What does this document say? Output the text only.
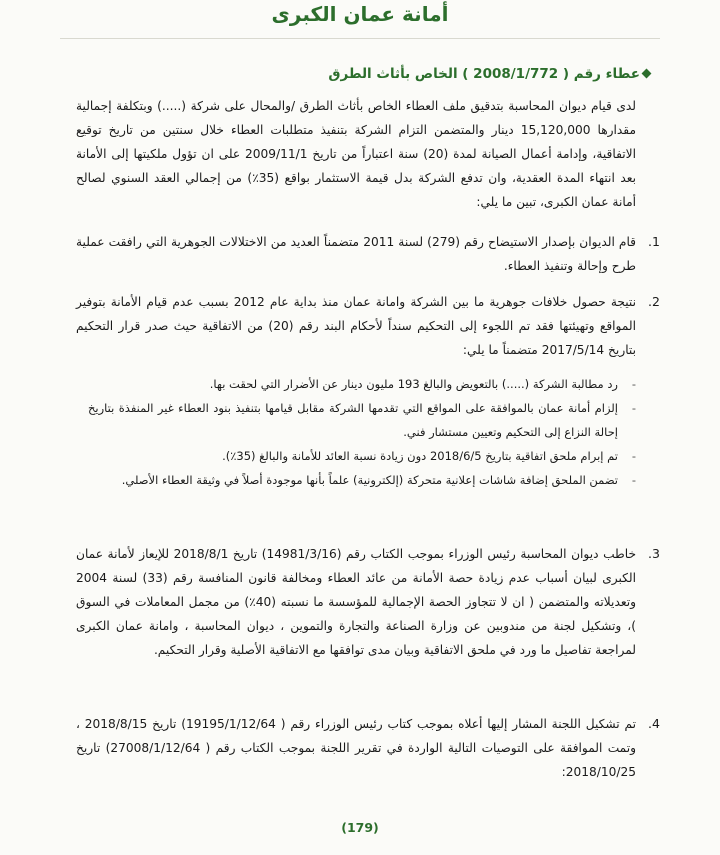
أمانة عمان الكبرى
عطاء رقم ( 2008/1/772 ) الخاص بأثاث الطرق
لدى قيام ديوان المحاسبة بتدقيق ملف العطاء الخاص بأثاث الطرق /والمحال على شركة (.....) وبتكلفة إجمالية مقدارها 15,120,000 دينار والمتضمن التزام الشركة بتنفيذ متطلبات العطاء خلال سنتين من تاريخ توقيع الاتفاقية، وإدامة أعمال الصيانة لمدة (20) سنة اعتباراً من تاريخ 2009/11/1 على ان تؤول ملكيتها إلى الأمانة بعد انتهاء المدة العقدية، وان تدفع الشركة بدل قيمة الاستثمار بواقع (35٪) من إجمالي العقد السنوي لصالح أمانة عمان الكبرى، تبين ما يلي:
1.
قام الديوان بإصدار الاستيضاح رقم (279) لسنة 2011 متضمناً العديد من الاختلالات الجوهرية التي رافقت عملية طرح وإحالة وتنفيذ العطاء.
2.
نتيجة حصول خلافات جوهرية ما بين الشركة وامانة عمان منذ بداية عام 2012 بسبب عدم قيام الأمانة بتوفير المواقع وتهيئتها فقد تم اللجوء إلى التحكيم سنداً لأحكام البند رقم (20) من الاتفاقية حيث صدر قرار التحكيم بتاريخ 2017/5/14 متضمناً ما يلي:
-
رد مطالبة الشركة (.....) بالتعويض والبالغ 193 مليون دينار عن الأضرار التي لحقت بها.
-
إلزام أمانة عمان بالموافقة على المواقع التي تقدمها الشركة مقابل قيامها بتنفيذ بنود العطاء غير المنفذة بتاريخ إحالة النزاع إلى التحكيم وتعيين مستشار فني.
-
تم إبرام ملحق اتفاقية بتاريخ 2018/6/5 دون زيادة نسبة العائد للأمانة والبالغ (35٪).
-
تضمن الملحق إضافة شاشات إعلانية متحركة (إلكترونية) علماً بأنها موجودة أصلاً في وثيقة العطاء الأصلي.
3.
خاطب ديوان المحاسبة رئيس الوزراء بموجب الكتاب رقم (14981/3/16) تاريخ 2018/8/1 للإيعاز لأمانة عمان الكبرى لبيان أسباب عدم زيادة حصة الأمانة من عائد العطاء ومخالفة قانون المنافسة رقم (33) لسنة 2004 وتعديلاته والمتضمن ( ان لا تتجاوز الحصة الإجمالية للمؤسسة ما نسبته (40٪) من مجمل المعاملات في السوق )، وتشكيل لجنة من مندوبين عن وزارة الصناعة والتجارة والتموين ، ديوان المحاسبة ، وامانة عمان الكبرى لمراجعة تفاصيل ما ورد في ملحق الاتفاقية وبيان مدى توافقها مع الاتفاقية الأصلية وقرار التحكيم.
4.
تم تشكيل اللجنة المشار إليها أعلاه بموجب كتاب رئيس الوزراء رقم ( 19195/1/12/64) تاريخ 2018/8/15 ، وتمت الموافقة على التوصيات التالية الواردة في تقرير اللجنة بموجب الكتاب رقم ( 27008/1/12/64) تاريخ 2018/10/25:
(179)
